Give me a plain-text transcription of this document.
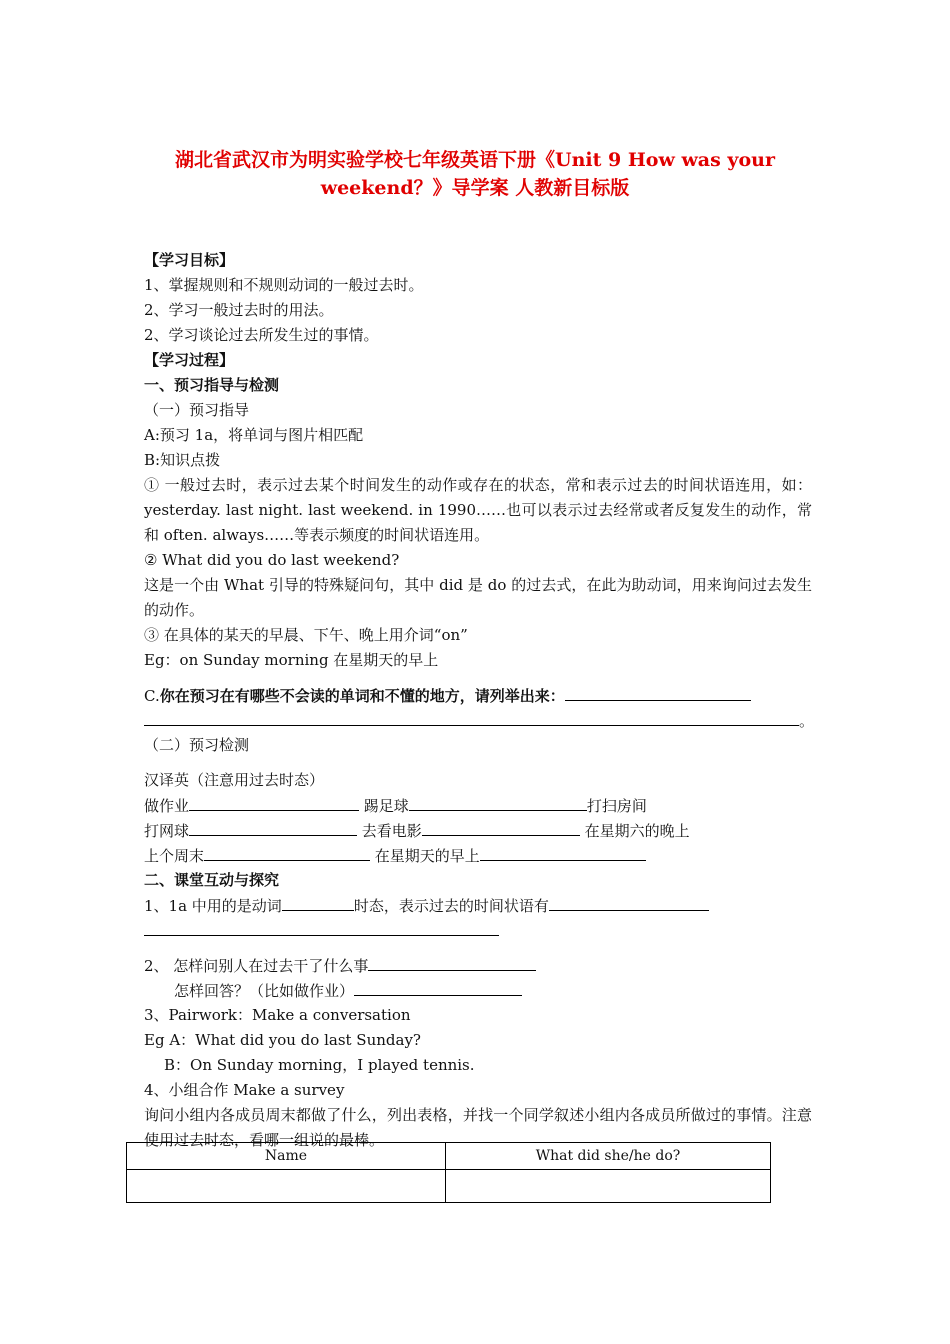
湖北省武汉市为明实验学校七年级英语下册《Unit 9 How was your weekend？》导学案 人教新目标版
【学习目标】
1、掌握规则和不规则动词的一般过去时。
2、学习一般过去时的用法。
2、学习谈论过去所发生过的事情。
【学习过程】
一、预习指导与检测
（一）预习指导
A:预习 1a，将单词与图片相匹配
B:知识点拨
① 一般过去时，表示过去某个时间发生的动作或存在的状态，常和表示过去的时间状语连用，如：yesterday. last night. last weekend. in 1990……也可以表示过去经常或者反复发生的动作，常和 often. always……等表示频度的时间状语连用。
② What did you do last weekend?
这是一个由 What 引导的特殊疑问句，其中 did 是 do 的过去式，在此为助动词，用来询问过去发生的动作。
③ 在具体的某天的早晨、下午、晚上用介词“on”
Eg：on Sunday morning 在星期天的早上
C.你在预习在有哪些不会读的单词和不懂的地方，请列举出来：
。
（二）预习检测
汉译英（注意用过去时态）
做作业	踢足球	打扫房间
打网球	去看电影	在星期六的晚上
上个周末	在星期天的早上
二、课堂互动与探究
1、1a 中用的是动词	时态，表示过去的时间状语有
2、 怎样问别人在过去干了什么事
怎样回答？（比如做作业）
3、Pairwork：Make a conversation
Eg A：What did you do last Sunday?
B：On Sunday morning，I played tennis.
4、小组合作 Make a survey
询问小组内各成员周末都做了什么，列出表格，并找一个同学叙述小组内各成员所做过的事情。注意使用过去时态，看哪一组说的最棒。
Name	What did she/he do?
